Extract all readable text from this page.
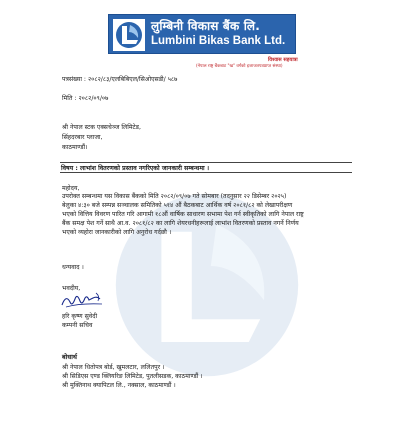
लुम्बिनी विकास बैंक लि.
Lumbini Bikas Bank Ltd.
विश्वास सहयात्रा
(नेपाल राष्ट्र बैंकबाट "ख" वर्गको इजाजतपत्रप्राप्त संस्था)
पत्रसंख्या : २०८२/८३/एलबिबिएल/सिओएसडी/ ५८७
मिति : २०८२/०९/०७
श्री नेपाल स्टक एक्सचेञ्ज लिमिटेड,
सिंहदरबार प्लाजा,
काठमाण्डौं।
विषय : लाभांश वितरणको प्रस्ताव नगरिएको जानकारी सम्बन्धमा ।
महोदय,
उपरोक्त सम्बन्धमा यस विकास बैंकको मिति २०८२/०९/०७ गते सोमबार (तदनुसार २२ डिसेम्बर २०२५)
बेलुका ४:३० बजे सम्पन्न सञ्चालक समितिको ५१४ औं बैठकबाट आर्थिक वर्ष २०८१/८२ को लेखापरीक्षण
भएको वित्तिय विवरण पारित गरि आगामी १८औं वार्षिक साधारण सभामा पेश गर्न स्वीकृतिको लागि नेपाल राष्ट्र
बैंक समक्ष पेश गर्ने साथै आ.व. २०८१/८२ का लागि शेयरधनीहरूलाई लाभांश वितरणको प्रस्ताव नगर्ने निर्णय
भएको व्यहोरा जानकारीको लागि अनुरोध गर्दछौ ।
धन्यवाद ।
भवदीय,
हरि कृष्ण सुवेदी
कम्पनी सचिव
बोधार्थ
श्री नेपाल धितोपत्र बोर्ड, खुमलटार, ललितपुर ।
श्री सिडिएस एण्ड क्लियरिङ लिमिटेड, पुतलीसडक, काठमाण्डौं ।
श्री मुक्तिनाथ क्यापिटल लि., नक्साल, काठमाण्डौं ।
